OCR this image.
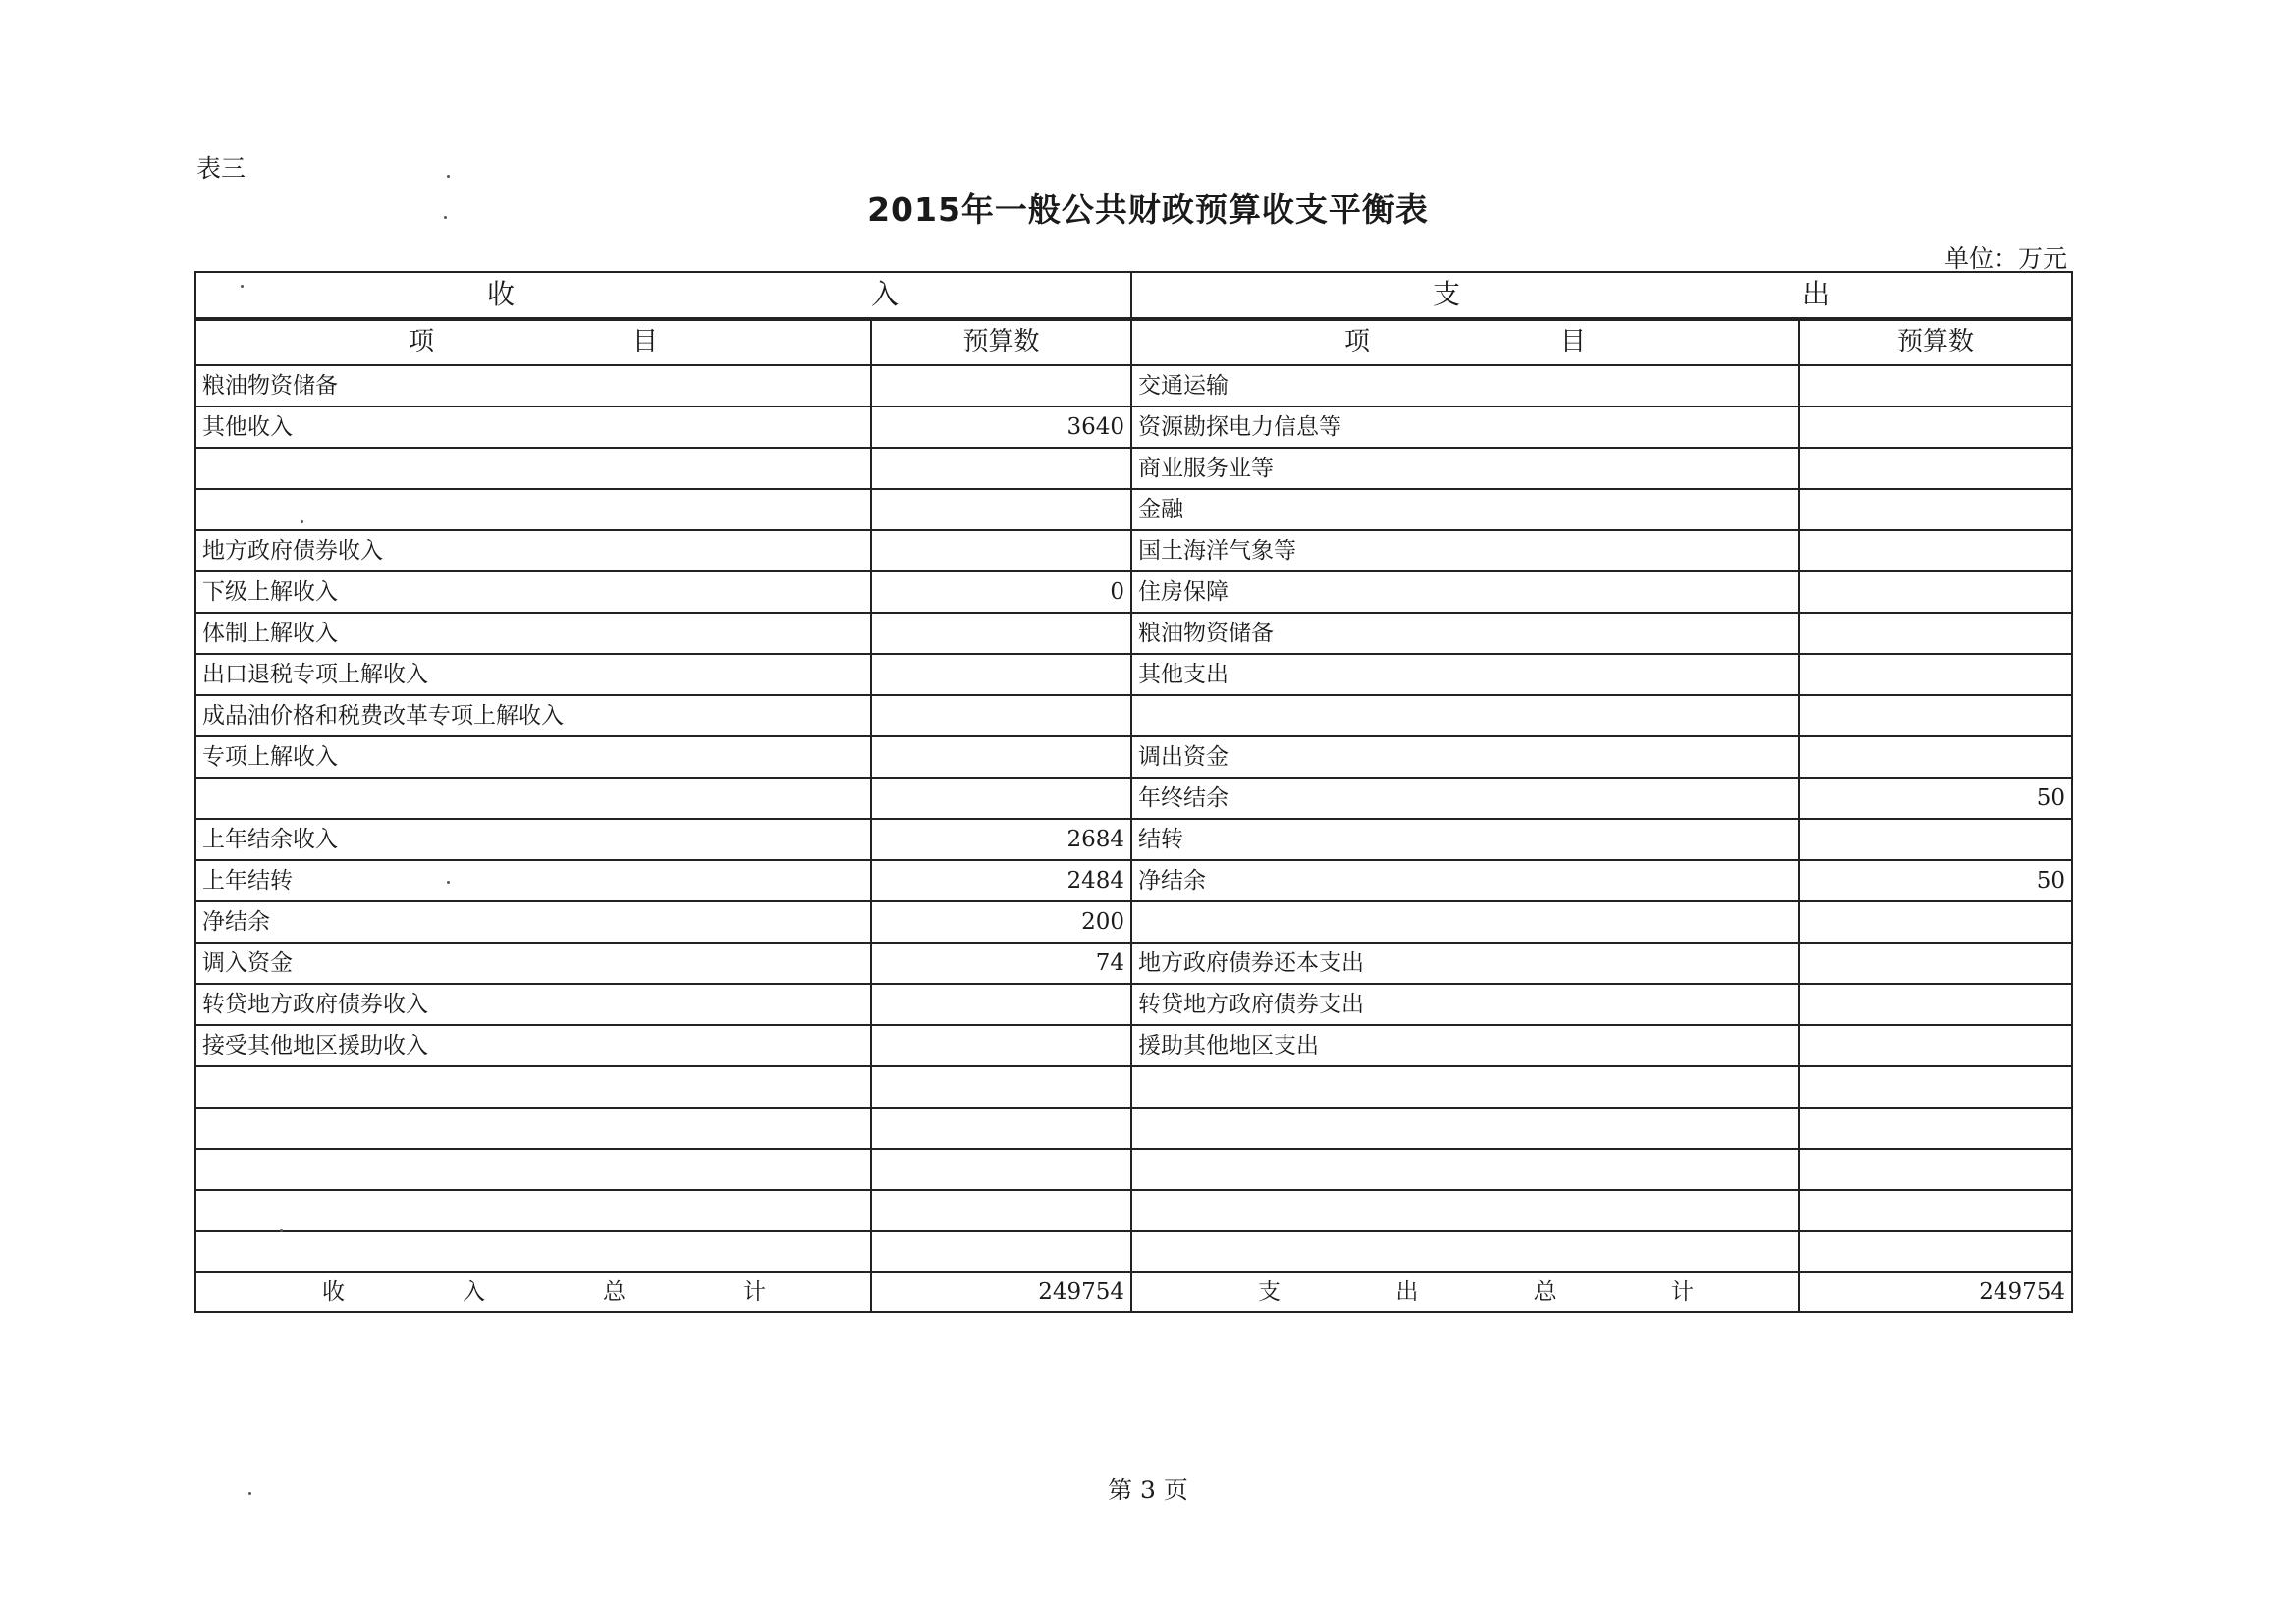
表三
2015年一般公共财政预算收支平衡表
单位：万元
收 入		支 出	

项 目	预算数	项 目	预算数
粮油物资储备		交通运输	
其他收入	3640	资源勘探电力信息等	
		商业服务业等	
		金融	
地方政府债券收入		国土海洋气象等	
下级上解收入	0	住房保障	
体制上解收入		粮油物资储备	
出口退税专项上解收入		其他支出	
成品油价格和税费改革专项上解收入			
专项上解收入		调出资金	
		年终结余	50
上年结余收入	2684	结转	
上年结转	2484	净结余	50
净结余	200		
调入资金	74	地方政府债券还本支出	
转贷地方政府债券收入		转贷地方政府债券支出	
接受其他地区援助收入		援助其他地区支出	

收 入 总 计	249754	支 出 总 计	249754
第 3 页
